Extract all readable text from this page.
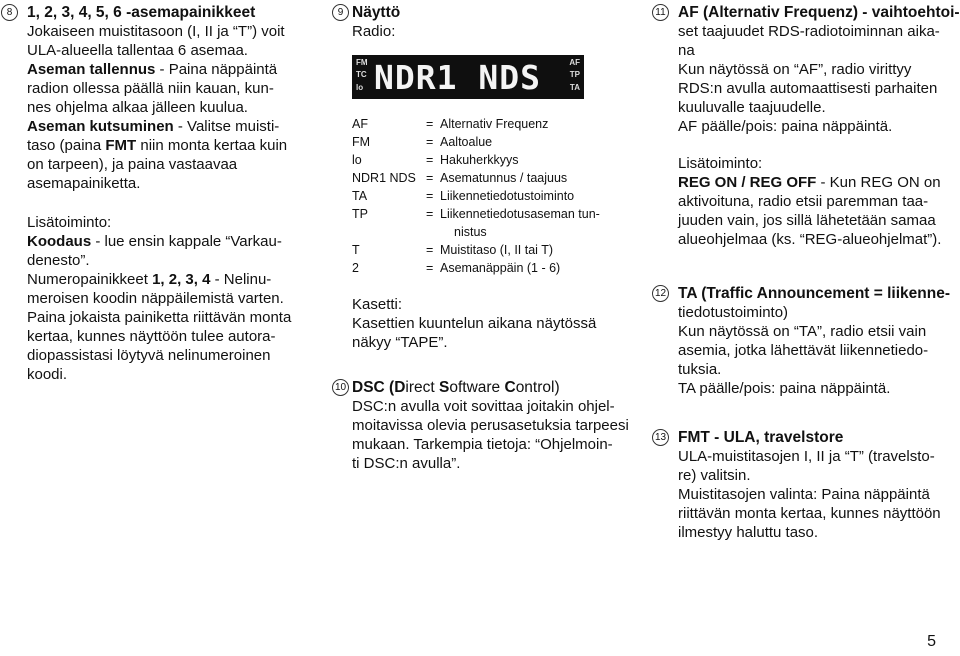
8 1, 2, 3, 4, 5, 6 -asemapainikkeet

Jokaiseen muistitasoon (I, II ja “T”) voit

ULA-alueella tallentaa 6 asemaa.

Aseman tallennus - Paina näppäintä

radion ollessa päällä niin kauan, kun-

nes ohjelma alkaa jälleen kuulua.

Aseman kutsuminen - Valitse muisti-

taso (paina FMT niin monta kertaa kuin

on tarpeen), ja paina vastaavaa

asemapainiketta.

Lisätoiminto:

Koodaus - lue ensin kappale “Varkau-

denesto”.

Numeropainikkeet 1, 2, 3, 4 - Nelinu-

meroisen koodin näppäilemistä varten.

Paina jokaista painiketta riittävän monta

kertaa, kunnes näyttöön tulee autora-

diopassistasi löytyvä nelinumeroinen

koodi.

9 Näyttö

Radio:

FM
TC
lo NDR1 NDS	AF
TP
TA
AF	= Alternativ Frequenz
FM	= Aaltoalue
lo	= Hakuherkkyys
NDR1 NDS = Asematunnus / taajuus
TA	= Liikennetiedotustoiminto
TP	= Liikennetiedotusaseman tun-
nistus
T	= Muistitaso (I, II tai T)
2	= Asemanäppäin (1 - 6)

Kasetti:

Kasettien kuuntelun aikana näytössä

näkyy “TAPE”.

10 DSC (Direct Software Control)

DSC:n avulla voit sovittaa joitakin ohjel-

moitavissa olevia perusasetuksia tarpeesi

mukaan. Tarkempia tietoja: “Ohjelmoin-

ti DSC:n avulla”.

11 AF (Alternativ Frequenz) - vaihtoehtoi-

set taajuudet RDS-radiotoiminnan aika-

na

Kun näytössä on “AF”, radio virittyy

RDS:n avulla automaattisesti parhaiten

kuuluvalle taajuudelle.

AF päälle/pois: paina näppäintä.

Lisätoiminto:

REG ON / REG OFF - Kun REG ON on

aktivoituna, radio etsii paremman taa-

juuden vain, jos sillä lähetetään samaa

alueohjelmaa (ks. “REG-alueohjelmat”).

12 TA (Traffic Announcement = liikenne-

tiedotustoiminto)

Kun näytössä on “TA”, radio etsii vain

asemia, jotka lähettävät liikennetiedo-

tuksia.

TA päälle/pois: paina näppäintä.

13 FMT - ULA, travelstore

ULA-muistitasojen I, II ja “T” (travelsto-

re) valitsin.

Muistitasojen valinta: Paina näppäintä

riittävän monta kertaa, kunnes näyttöön

ilmestyy haluttu taso.

5
